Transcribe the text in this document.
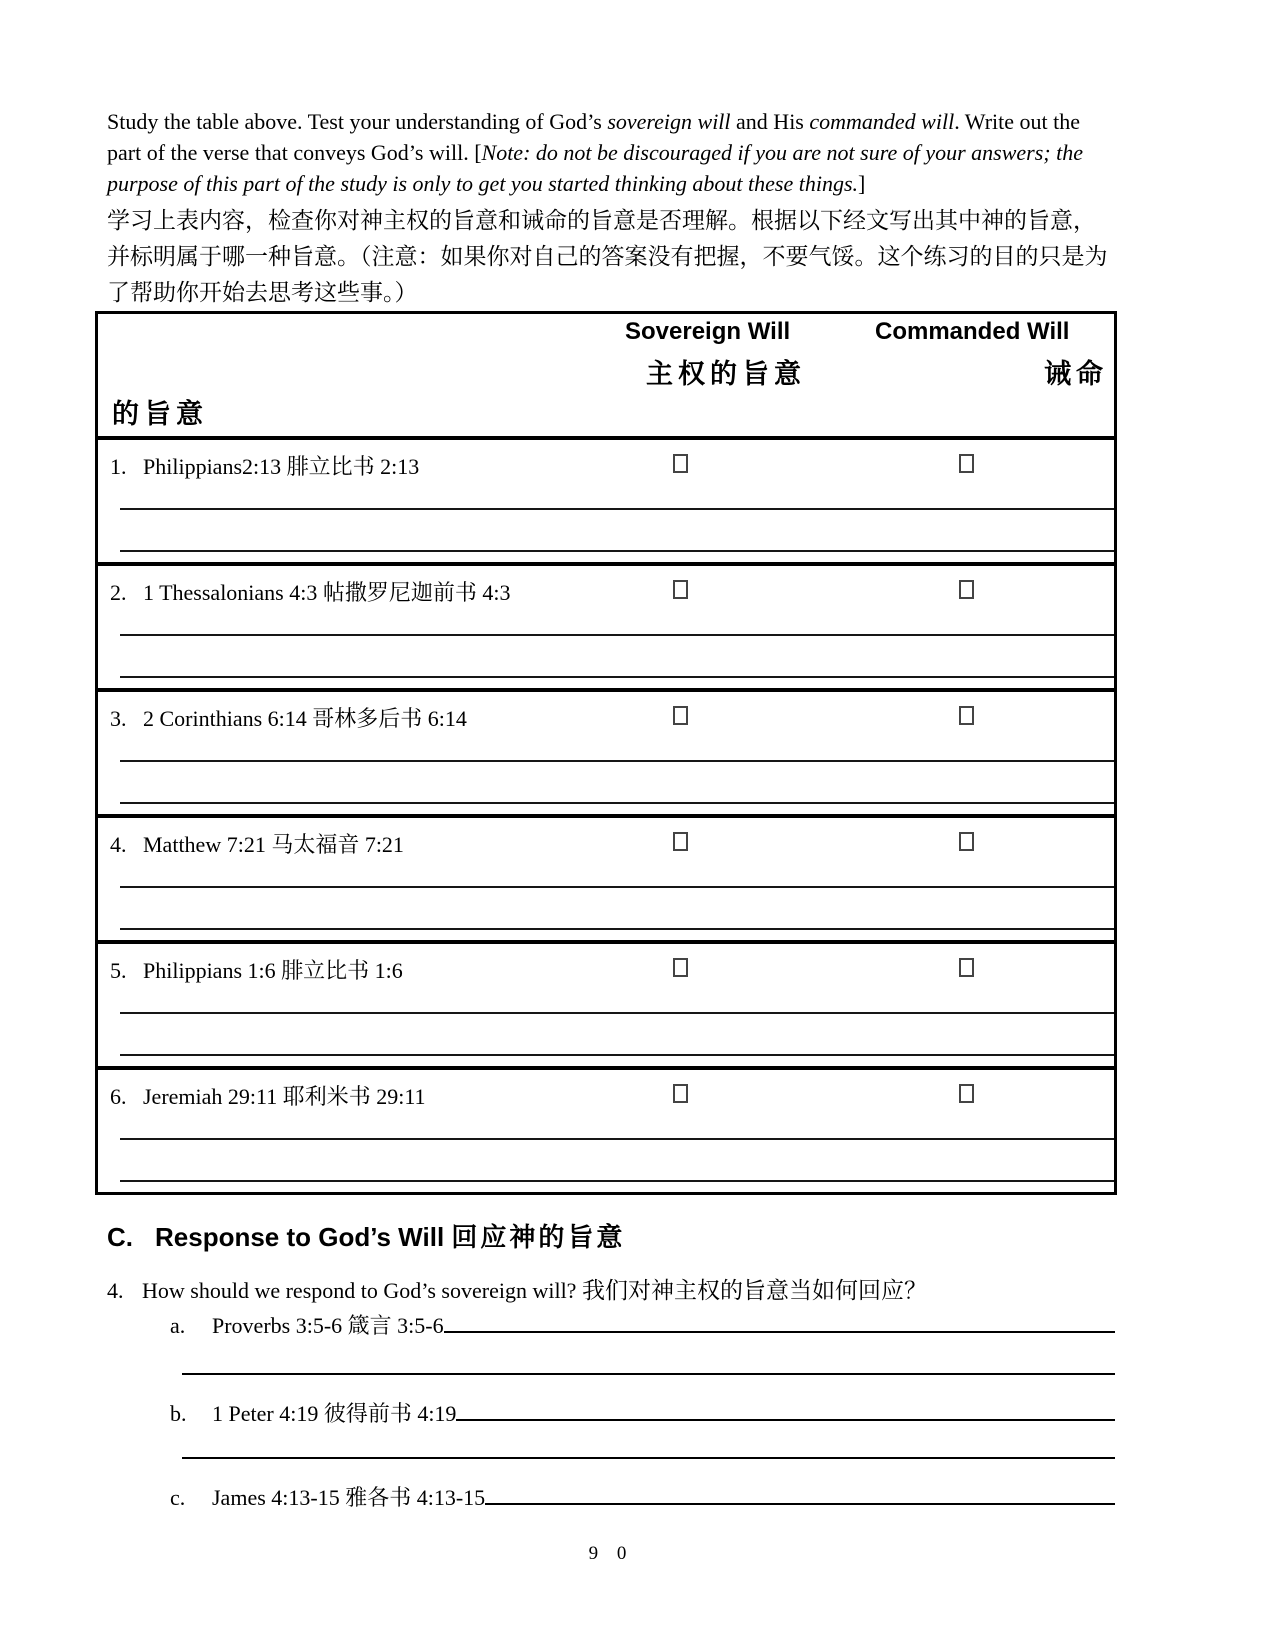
Study the table above. Test your understanding of God’s sovereign will and His commanded will. Write out the part of the verse that conveys God’s will. [Note: do not be discouraged if you are not sure of your answers; the purpose of this part of the study is only to get you started thinking about these things.]

学习上表内容，检查你对神主权的旨意和诫命的旨意是否理解。根据以下经文写出其中神的旨意，并标明属于哪一种旨意。（注意：如果你对自己的答案没有把握，不要气馁。这个练习的目的只是为了帮助你开始去思考这些事。）

Sovereign Will	Commanded Will
主权的旨意	诫命
的旨意
1. Philippians2:13 腓立比书 2:13
2. 1 Thessalonians 4:3 帖撒罗尼迦前书 4:3
3. 2 Corinthians 6:14 哥林多后书 6:14
4. Matthew 7:21 马太福音 7:21
5. Philippians 1:6 腓立比书 1:6
6. Jeremiah 29:11 耶利米书 29:11
C. Response to God’s Will 回应神的旨意
4. How should we respond to God’s sovereign will? 我们对神主权的旨意当如何回应？
a.	Proverbs 3:5-6 箴言 3:5-6
b.	1 Peter 4:19 彼得前书 4:19
c.	James 4:13-15 雅各书 4:13-15
9 0
